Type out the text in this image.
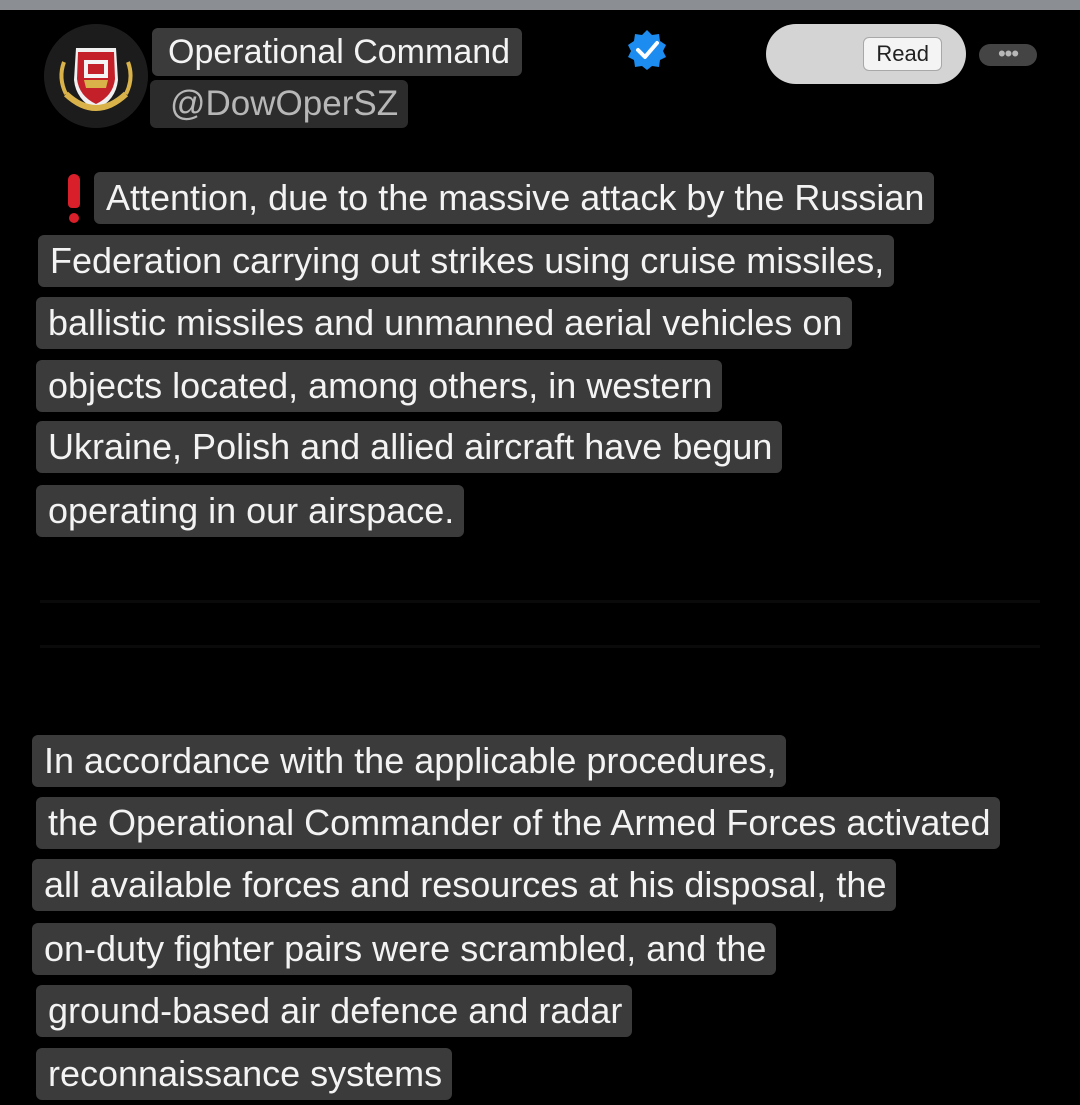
Operational Command
@DowOperSZ
Read	•••
Attention, due to the massive attack by the Russian
Federation carrying out strikes using cruise missiles,
ballistic missiles and unmanned aerial vehicles on
objects located, among others, in western
Ukraine, Polish and allied aircraft have begun
operating in our airspace.
In accordance with the applicable procedures,
the Operational Commander of the Armed Forces activated
all available forces and resources at his disposal, the
on-duty fighter pairs were scrambled, and the
ground-based air defence and radar
reconnaissance systems
